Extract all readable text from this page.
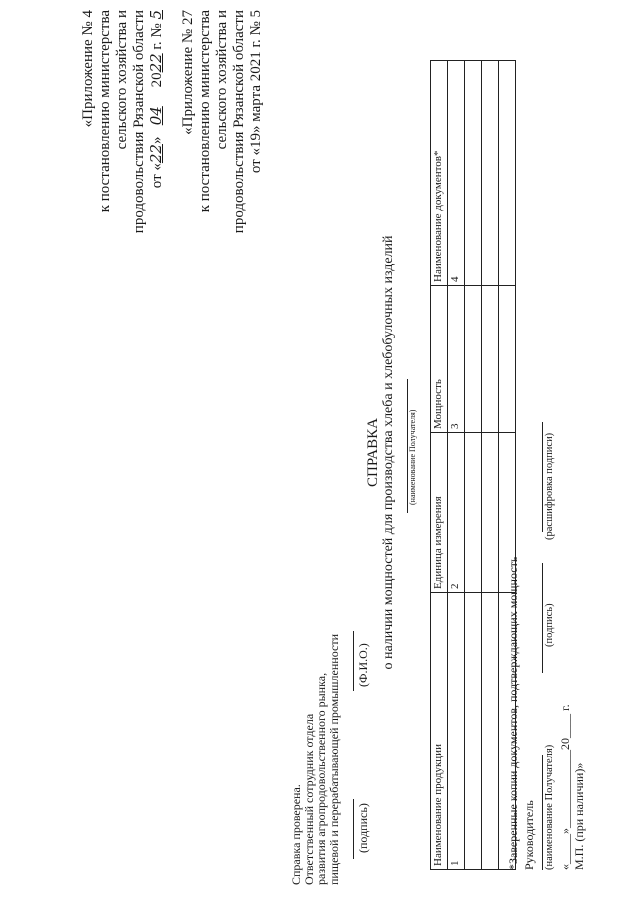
Справка проверена.
Ответственный сотрудник отдела
развития агропродовольственного рынка,
пищевой и перерабатывающей промышленности (подпись)
(Ф.И.О.)
«Приложение № 4 к постановлению министерства сельского хозяйства и продовольствия Рязанской области от «22»   04     2022 г. № 5 «Приложение № 27 к постановлению министерства сельского хозяйства и продовольствия Рязанской области от «19» марта 2021 г. № 5
СПРАВКА о наличии мощностей для производства хлеба и хлебобулочных изделий (наименование Получателя)
Наименование продукции	Единица измерения	Мощность	Наименование документов*
1	2	3	4

*Заверенные копии документов, подтверждающих мощность Руководитель (наименование Получателя)
(подпись)
(расшифровка подписи)
«_____»_____________20____ г.
М.П. (при наличии)»
